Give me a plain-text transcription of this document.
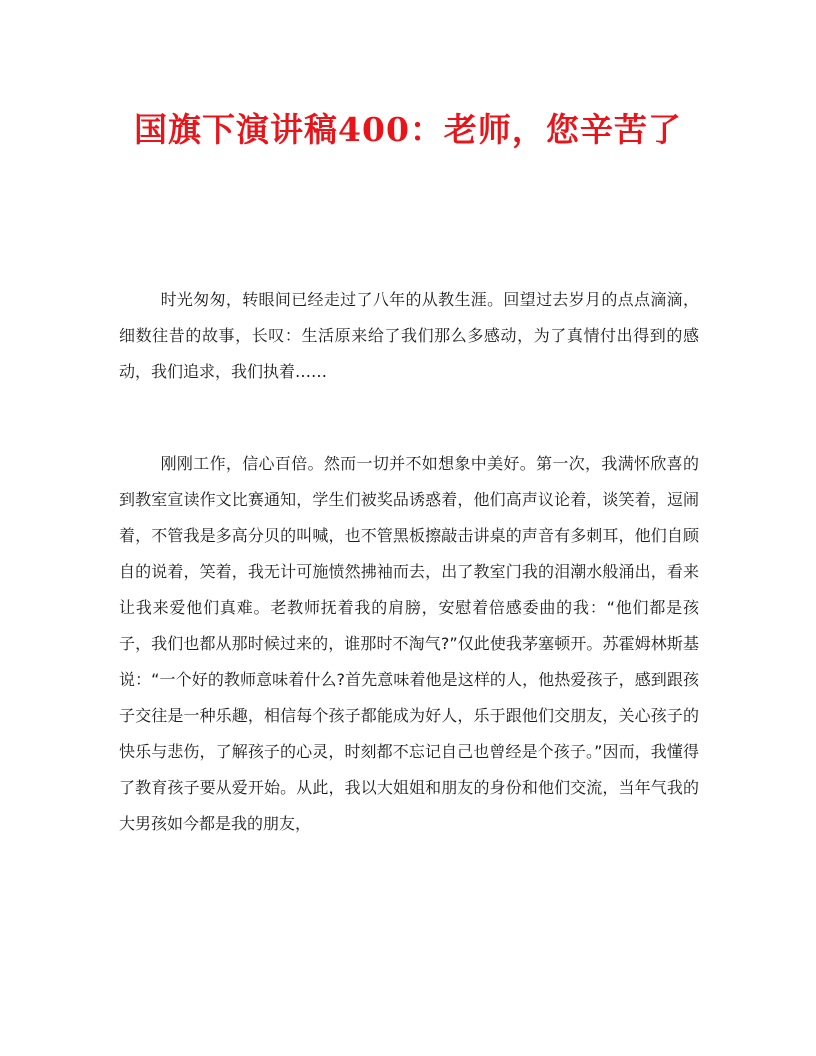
国旗下演讲稿400：老师，您辛苦了

时光匆匆，转眼间已经走过了八年的从教生涯。回望过去岁月的点点滴滴，细数往昔的故事，长叹：生活原来给了我们那么多感动，为了真情付出得到的感动，我们追求，我们执着……

刚刚工作，信心百倍。然而一切并不如想象中美好。第一次，我满怀欣喜的到教室宣读作文比赛通知，学生们被奖品诱惑着，他们高声议论着，谈笑着，逗闹着，不管我是多高分贝的叫喊，也不管黑板擦敲击讲桌的声音有多刺耳，他们自顾自的说着，笑着，我无计可施愤然拂袖而去，出了教室门我的泪潮水般涌出，看来让我来爱他们真难。老教师抚着我的肩膀，安慰着倍感委曲的我：“他们都是孩子，我们也都从那时候过来的，谁那时不淘气?”仅此使我茅塞顿开。苏霍姆林斯基说：“一个好的教师意味着什么?首先意味着他是这样的人，他热爱孩子，感到跟孩子交往是一种乐趣，相信每个孩子都能成为好人，乐于跟他们交朋友，关心孩子的快乐与悲伤，了解孩子的心灵，时刻都不忘记自己也曾经是个孩子。”因而，我懂得了教育孩子要从爱开始。从此，我以大姐姐和朋友的身份和他们交流，当年气我的大男孩如今都是我的朋友，
